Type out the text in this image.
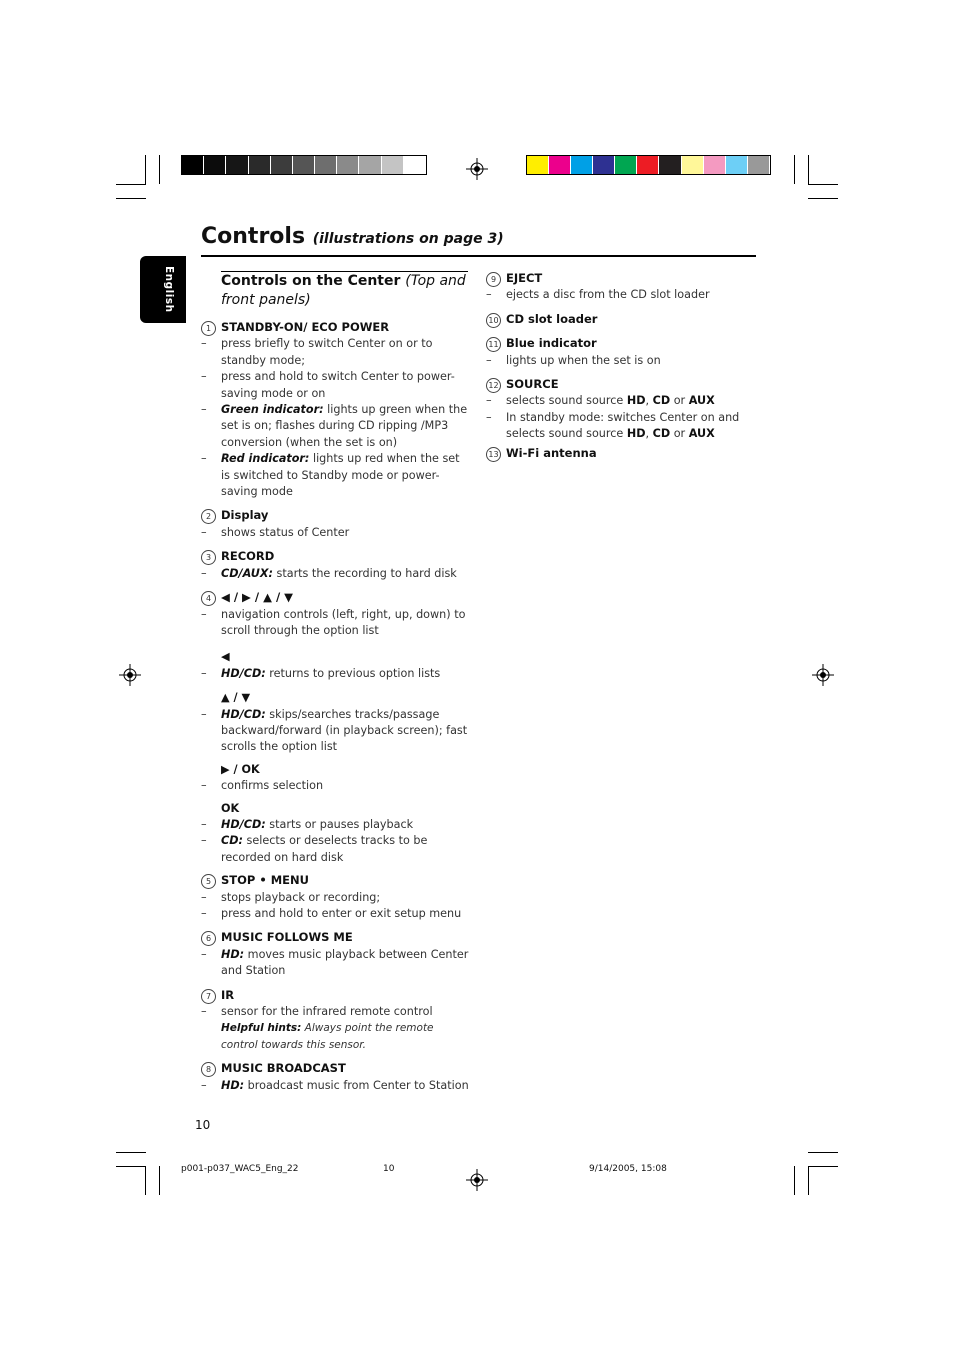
Controls (illustrations on page 3)
English	Controls on the Center (Top and front panels)
1 STANDBY-ON/ ECO POWER
– press briefly to switch Center on or to standby mode;
– press and hold to switch Center to power-saving mode or on
– Green indicator: lights up green when the set is on; flashes during CD ripping /MP3 conversion (when the set is on)
– Red indicator: lights up red when the set is switched to Standby mode or power-saving mode
2 Display
– shows status of Center
3 RECORD
– CD/AUX: starts the recording to hard disk
4 ◀ / ▶ / ▲ / ▼
– navigation controls (left, right, up, down) to scroll through the option list
◀
– HD/CD: returns to previous option lists
▲ / ▼
– HD/CD: skips/searches tracks/passage backward/forward (in playback screen); fast scrolls the option list
▶ / OK
– confirms selection
OK
– HD/CD: starts or pauses playback
– CD: selects or deselects tracks to be recorded on hard disk
5 STOP • MENU
– stops playback or recording;
– press and hold to enter or exit setup menu
6 MUSIC FOLLOWS ME
– HD: moves music playback between Center and Station
7 IR
– sensor for the infrared remote control
Helpful hints: Always point the remote control towards this sensor.
8 MUSIC BROADCAST
– HD: broadcast music from Center to Station
9 EJECT
– ejects a disc from the CD slot loader
10 CD slot loader
11 Blue indicator
– lights up when the set is on
12 SOURCE
– selects sound source HD, CD or AUX
– In standby mode: switches Center on and selects sound source HD, CD or AUX
13 Wi-Fi antenna
10
p001-p037_WAC5_Eng_22	10	9/14/2005, 15:08
